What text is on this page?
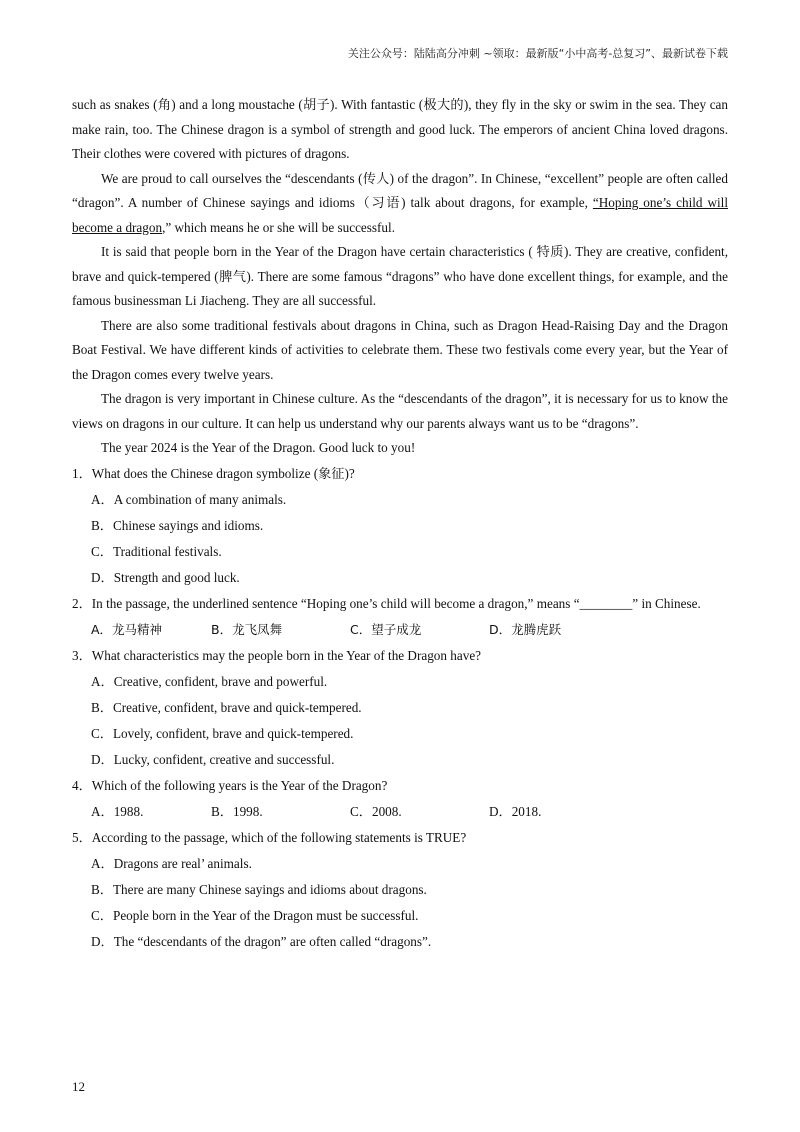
关注公众号：陆陆高分冲刺 ~领取：最新版“小中高考-总复习”、最新试卷下载

such as snakes (角) and a long moustache (胡子). With fantastic (极大的), they fly in the sky or swim in the sea. They can make rain, too. The Chinese dragon is a symbol of strength and good luck. The emperors of ancient China loved dragons. Their clothes were covered with pictures of dragons.

We are proud to call ourselves the “descendants (传人) of the dragon”. In Chinese, “excellent” people are often called “dragon”. A number of Chinese sayings and idioms（习语) talk about dragons, for example, “Hoping one’s child will become a dragon,” which means he or she will be successful.

It is said that people born in the Year of the Dragon have certain characteristics ( 特质). They are creative, confident, brave and quick-tempered (脾气). There are some famous “dragons” who have done excellent things, for example, and the famous businessman Li Jiacheng. They are all successful.

There are also some traditional festivals about dragons in China, such as Dragon Head-Raising Day and the Dragon Boat Festival. We have different kinds of activities to celebrate them. These two festivals come every year, but the Year of the Dragon comes every twelve years.

The dragon is very important in Chinese culture. As the “descendants of the dragon”, it is necessary for us to know the views on dragons in our culture. It can help us understand why our parents always want us to be “dragons”.

The year 2024 is the Year of the Dragon. Good luck to you!

1．What does the Chinese dragon symbolize (象征)?

A．A combination of many animals.

B．Chinese sayings and idioms.

C．Traditional festivals.

D．Strength and good luck.

2．In the passage, the underlined sentence “Hoping one’s child will become a dragon,” means “________” in Chinese.

A．龙马精神	B．龙飞凤舞	C．望子成龙	D．龙腾虎跃

3．What characteristics may the people born in the Year of the Dragon have?

A．Creative, confident, brave and powerful.

B．Creative, confident, brave and quick-tempered.

C．Lovely, confident, brave and quick-tempered.

D．Lucky, confident, creative and successful.

4．Which of the following years is the Year of the Dragon?

A．1988.	B．1998.	C．2008.	D．2018.

5．According to the passage, which of the following statements is TRUE?

A．Dragons are real’ animals.

B．There are many Chinese sayings and idioms about dragons.

C．People born in the Year of the Dragon must be successful.

D．The “descendants of the dragon” are often called “dragons”.

12
